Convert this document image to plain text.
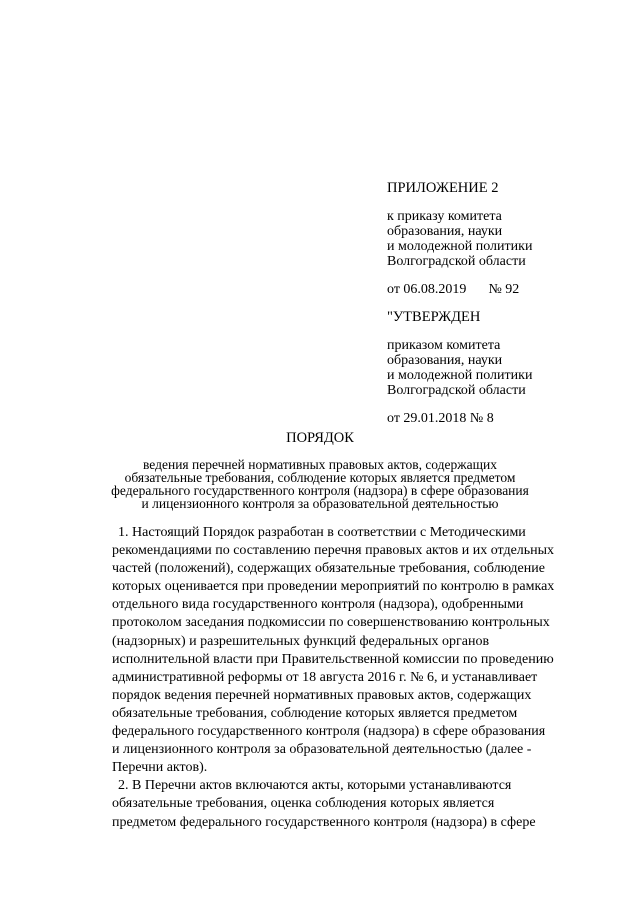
ПРИЛОЖЕНИЕ 2
к приказу комитета
образования, науки
и молодежной политики
Волгоградской области
от 06.08.2019 № 92
"УТВЕРЖДЕН
приказом комитета
образования, науки
и молодежной политики
Волгоградской области
от 29.01.2018 № 8
ПОРЯДОК
ведения перечней нормативных правовых актов, содержащих
обязательные требования, соблюдение которых является предметом
федерального государственного контроля (надзора) в сфере образования
и лицензионного контроля за образовательной деятельностью
1. Настоящий Порядок разработан в соответствии с Методическими
рекомендациями по составлению перечня правовых актов и их отдельных
частей (положений), содержащих обязательные требования, соблюдение
которых оценивается при проведении мероприятий по контролю в рамках
отдельного вида государственного контроля (надзора), одобренными
протоколом заседания подкомиссии по совершенствованию контрольных
(надзорных) и разрешительных функций федеральных органов
исполнительной власти при Правительственной комиссии по проведению
административной реформы от 18 августа 2016 г. № 6, и устанавливает
порядок ведения перечней нормативных правовых актов, содержащих
обязательные требования, соблюдение которых является предметом
федерального государственного контроля (надзора) в сфере образования
и лицензионного контроля за образовательной деятельностью (далее -
Перечни актов).
2. В Перечни актов включаются акты, которыми устанавливаются
обязательные требования, оценка соблюдения которых является
предметом федерального государственного контроля (надзора) в сфере
